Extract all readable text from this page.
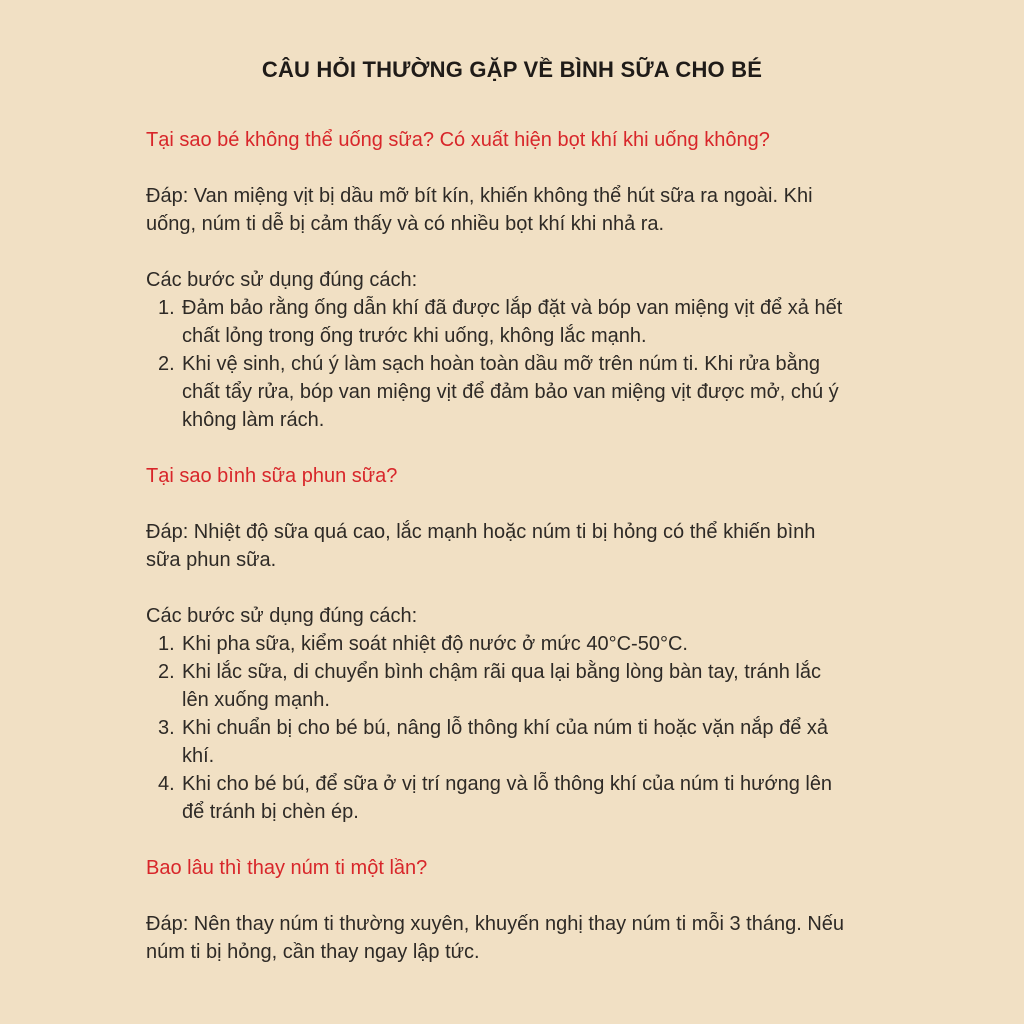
CÂU HỎI THƯỜNG GẶP VỀ BÌNH SỮA CHO BÉ

Tại sao bé không thể uống sữa? Có xuất hiện bọt khí khi uống không?

Đáp: Van miệng vịt bị dầu mỡ bít kín, khiến không thể hút sữa ra ngoài. Khi uống, núm ti dễ bị cảm thấy và có nhiều bọt khí khi nhả ra.

Các bước sử dụng đúng cách:

1. Đảm bảo rằng ống dẫn khí đã được lắp đặt và bóp van miệng vịt để xả hết chất lỏng trong ống trước khi uống, không lắc mạnh.
2. Khi vệ sinh, chú ý làm sạch hoàn toàn dầu mỡ trên núm ti. Khi rửa bằng chất tẩy rửa, bóp van miệng vịt để đảm bảo van miệng vịt được mở, chú ý không làm rách.

Tại sao bình sữa phun sữa?

Đáp: Nhiệt độ sữa quá cao, lắc mạnh hoặc núm ti bị hỏng có thể khiến bình sữa phun sữa.

Các bước sử dụng đúng cách:

1. Khi pha sữa, kiểm soát nhiệt độ nước ở mức 40°C-50°C.
2. Khi lắc sữa, di chuyển bình chậm rãi qua lại bằng lòng bàn tay, tránh lắc lên xuống mạnh.
3. Khi chuẩn bị cho bé bú, nâng lỗ thông khí của núm ti hoặc vặn nắp để xả khí.
4. Khi cho bé bú, để sữa ở vị trí ngang và lỗ thông khí của núm ti hướng lên để tránh bị chèn ép.

Bao lâu thì thay núm ti một lần?

Đáp: Nên thay núm ti thường xuyên, khuyến nghị thay núm ti mỗi 3 tháng. Nếu núm ti bị hỏng, cần thay ngay lập tức.
